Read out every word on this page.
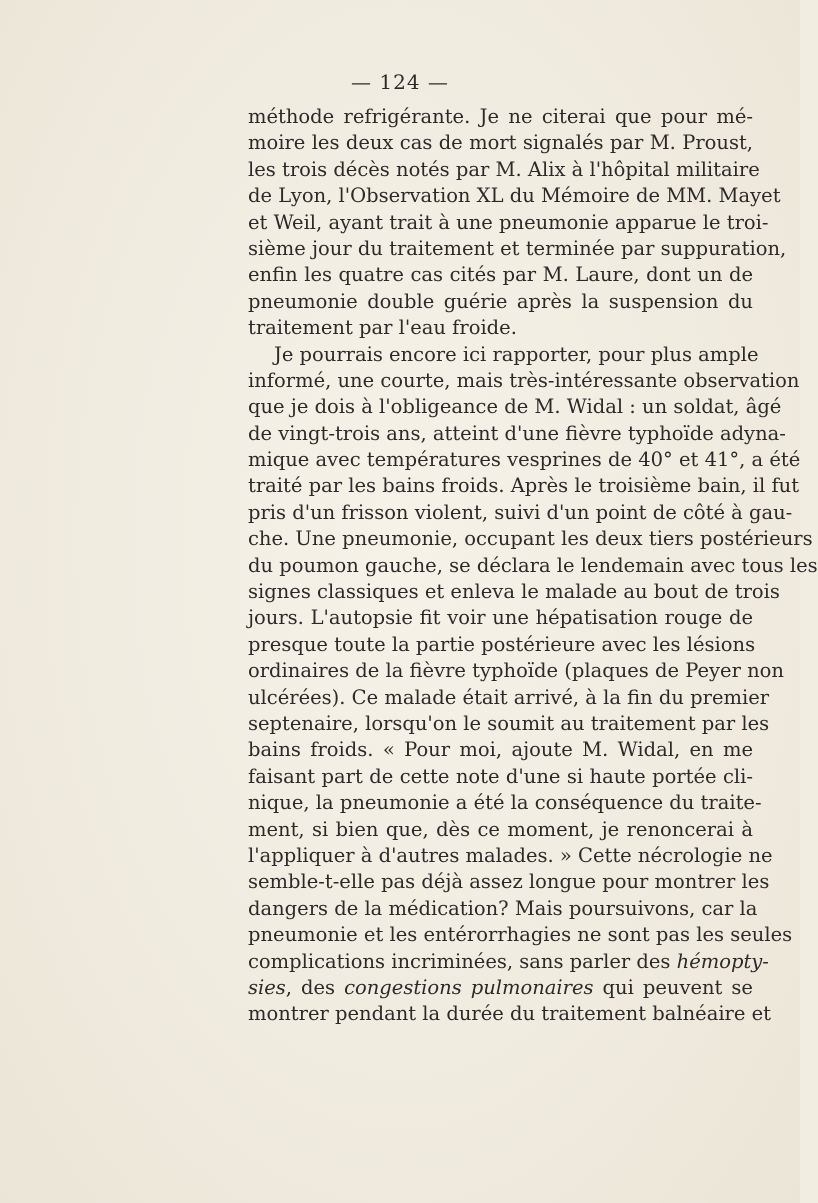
— 124 —
méthode refrigérante. Je ne citerai que pour mé-
moire les deux cas de mort signalés par M. Proust,
les trois décès notés par M. Alix à l'hôpital militaire
de Lyon, l'Observation XL du Mémoire de MM. Mayet
et Weil, ayant trait à une pneumonie apparue le troi-
sième jour du traitement et terminée par suppuration,
enfin les quatre cas cités par M. Laure, dont un de
pneumonie double guérie après la suspension du
traitement par l'eau froide.
Je pourrais encore ici rapporter, pour plus ample
informé, une courte, mais très-intéressante observation
que je dois à l'obligeance de M. Widal : un soldat, âgé
de vingt-trois ans, atteint d'une fièvre typhoïde adyna-
mique avec températures vesprines de 40° et 41°, a été
traité par les bains froids. Après le troisième bain, il fut
pris d'un frisson violent, suivi d'un point de côté à gau-
che. Une pneumonie, occupant les deux tiers postérieurs
du poumon gauche, se déclara le lendemain avec tous les
signes classiques et enleva le malade au bout de trois
jours. L'autopsie fit voir une hépatisation rouge de
presque toute la partie postérieure avec les lésions
ordinaires de la fièvre typhoïde (plaques de Peyer non
ulcérées). Ce malade était arrivé, à la fin du premier
septenaire, lorsqu'on le soumit au traitement par les
bains froids. « Pour moi, ajoute M. Widal, en me
faisant part de cette note d'une si haute portée cli-
nique, la pneumonie a été la conséquence du traite-
ment, si bien que, dès ce moment, je renoncerai à
l'appliquer à d'autres malades. » Cette nécrologie ne
semble-t-elle pas déjà assez longue pour montrer les
dangers de la médication? Mais poursuivons, car la
pneumonie et les entérorrhagies ne sont pas les seules
complications incriminées, sans parler des hémopty-
sies, des congestions pulmonaires qui peuvent se
montrer pendant la durée du traitement balnéaire et
